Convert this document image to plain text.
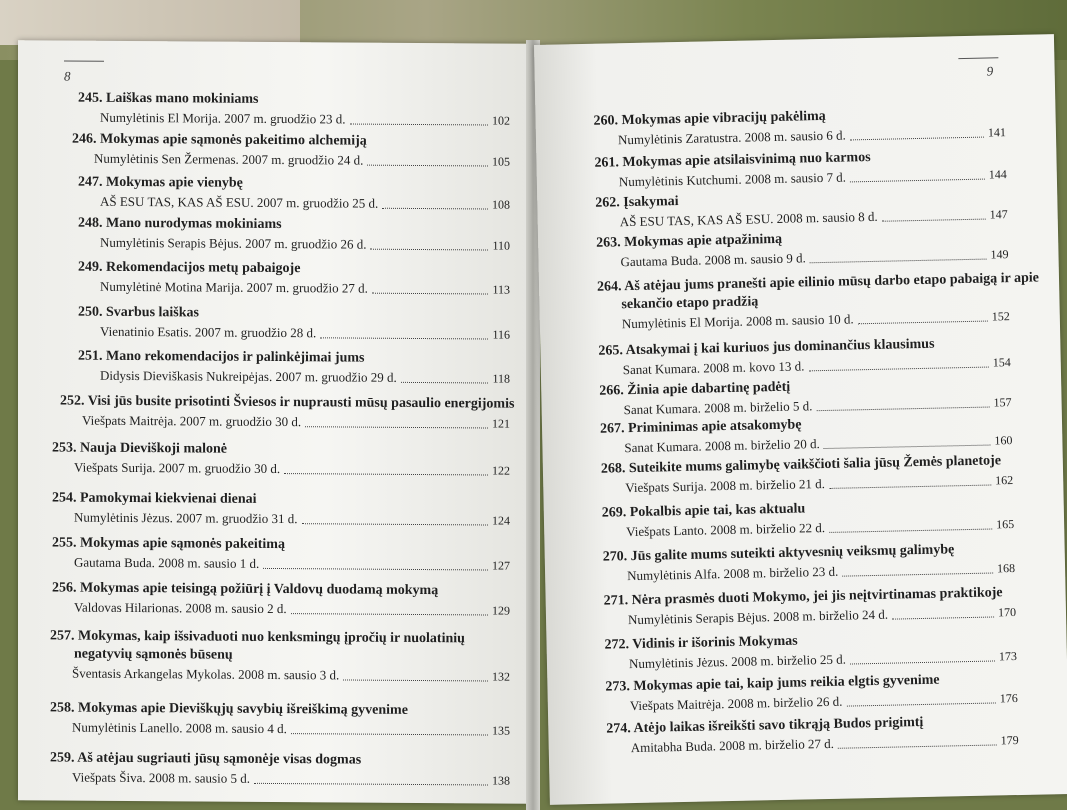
8
245. Laiškas mano mokiniams
Numylėtinis El Morija. 2007 m. gruodžio 23 d.	102
246. Mokymas apie sąmonės pakeitimo alchemiją
Numylėtinis Sen Žermenas. 2007 m. gruodžio 24 d.	105
247. Mokymas apie vienybę
AŠ ESU TAS, KAS AŠ ESU. 2007 m. gruodžio 25 d.	108
248. Mano nurodymas mokiniams
Numylėtinis Serapis Bėjus. 2007 m. gruodžio 26 d.	110
249. Rekomendacijos metų pabaigoje
Numylėtinė Motina Marija. 2007 m. gruodžio 27 d.	113
250. Svarbus laiškas
Vienatinio Esatis. 2007 m. gruodžio 28 d.	116
251. Mano rekomendacijos ir palinkėjimai jums
Didysis Dieviškasis Nukreipėjas. 2007 m. gruodžio 29 d.	118
252. Visi jūs busite prisotinti Šviesos ir nuprausti mūsų pasaulio energijomis
Viešpats Maitrėja. 2007 m. gruodžio 30 d.	121
253. Nauja Dieviškoji malonė
Viešpats Surija. 2007 m. gruodžio 30 d.	122
254. Pamokymai kiekvienai dienai
Numylėtinis Jėzus. 2007 m. gruodžio 31 d.	124
255. Mokymas apie sąmonės pakeitimą
Gautama Buda. 2008 m. sausio 1 d.	127
256. Mokymas apie teisingą požiūrį į Valdovų duodamą mokymą
Valdovas Hilarionas. 2008 m. sausio 2 d.	129
257. Mokymas, kaip išsivaduoti nuo kenksmingų įpročių ir nuolatinių
negatyvių sąmonės būsenų
Šventasis Arkangelas Mykolas. 2008 m. sausio 3 d.	132
258. Mokymas apie Dieviškųjų savybių išreiškimą gyvenime
Numylėtinis Lanello. 2008 m. sausio 4 d.	135
259. Aš atėjau sugriauti jūsų sąmonėje visas dogmas
Viešpats Šiva. 2008 m. sausio 5 d.	138
9
260. Mokymas apie vibracijų pakėlimą
Numylėtinis Zaratustra. 2008 m. sausio 6 d.	141
261. Mokymas apie atsilaisvinimą nuo karmos
Numylėtinis Kutchumi. 2008 m. sausio 7 d.	144
262. Įsakymai
AŠ ESU TAS, KAS AŠ ESU. 2008 m. sausio 8 d.	147
263. Mokymas apie atpažinimą
Gautama Buda. 2008 m. sausio 9 d.	149
264. Aš atėjau jums pranešti apie eilinio mūsų darbo etapo pabaigą ir apie
sekančio etapo pradžią
Numylėtinis El Morija. 2008 m. sausio 10 d.	152
265. Atsakymai į kai kuriuos jus dominančius klausimus
Sanat Kumara. 2008 m. kovo 13 d.	154
266. Žinia apie dabartinę padėtį
Sanat Kumara. 2008 m. birželio 5 d.	157
267. Priminimas apie atsakomybę
Sanat Kumara. 2008 m. birželio 20 d.	160
268. Suteikite mums galimybę vaikščioti šalia jūsų Žemės planetoje
Viešpats Surija. 2008 m. birželio 21 d.	162
269. Pokalbis apie tai, kas aktualu
Viešpats Lanto. 2008 m. birželio 22 d.	165
270. Jūs galite mums suteikti aktyvesnių veiksmų galimybę
Numylėtinis Alfa. 2008 m. birželio 23 d.	168
271. Nėra prasmės duoti Mokymo, jei jis neįtvirtinamas praktikoje
Numylėtinis Serapis Bėjus. 2008 m. birželio 24 d.	170
272. Vidinis ir išorinis Mokymas
Numylėtinis Jėzus. 2008 m. birželio 25 d.	173
273. Mokymas apie tai, kaip jums reikia elgtis gyvenime
Viešpats Maitrėja. 2008 m. birželio 26 d.	176
274. Atėjo laikas išreikšti savo tikrąją Budos prigimtį
Amitabha Buda. 2008 m. birželio 27 d.	179
